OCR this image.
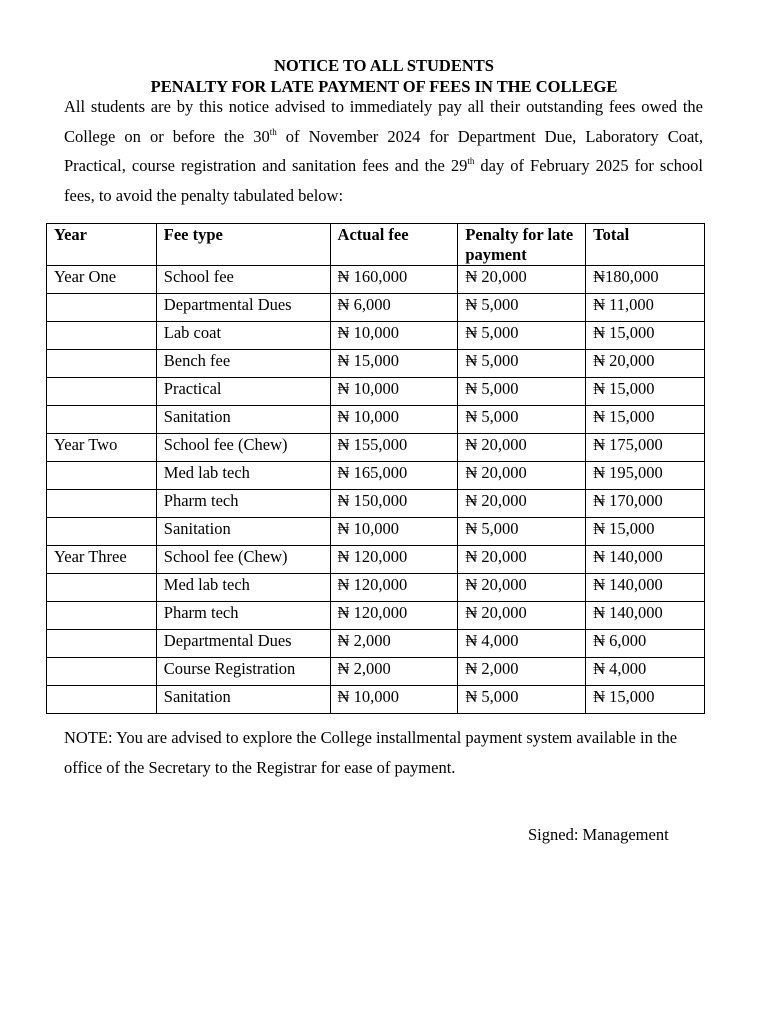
NOTICE TO ALL STUDENTS
PENALTY FOR LATE PAYMENT OF FEES IN THE COLLEGE
All students are by this notice advised to immediately pay all their outstanding fees owed the College on or before the 30th of November 2024 for Department Due, Laboratory Coat, Practical, course registration and sanitation fees and the 29th day of February 2025 for school fees, to avoid the penalty tabulated below:
Year	Fee type	Actual fee	Penalty for late payment	Total
Year One	School fee	₦ 160,000	₦ 20,000	₦180,000
	Departmental Dues	₦ 6,000	₦ 5,000	₦ 11,000
	Lab coat	₦ 10,000	₦ 5,000	₦ 15,000
	Bench fee	₦ 15,000	₦ 5,000	₦ 20,000
	Practical	₦ 10,000	₦ 5,000	₦ 15,000
	Sanitation	₦ 10,000	₦ 5,000	₦ 15,000
Year Two	School fee (Chew)	₦ 155,000	₦ 20,000	₦ 175,000
	Med lab tech	₦ 165,000	₦ 20,000	₦ 195,000
	Pharm tech	₦ 150,000	₦ 20,000	₦ 170,000
	Sanitation	₦ 10,000	₦ 5,000	₦ 15,000
Year Three	School fee (Chew)	₦ 120,000	₦ 20,000	₦ 140,000
	Med lab tech	₦ 120,000	₦ 20,000	₦ 140,000
	Pharm tech	₦ 120,000	₦ 20,000	₦ 140,000
	Departmental Dues	₦ 2,000	₦ 4,000	₦ 6,000
	Course Registration	₦ 2,000	₦ 2,000	₦ 4,000
	Sanitation	₦ 10,000	₦ 5,000	₦ 15,000
NOTE: You are advised to explore the College installmental payment system available in the office of the Secretary to the Registrar for ease of payment.
Signed: Management
